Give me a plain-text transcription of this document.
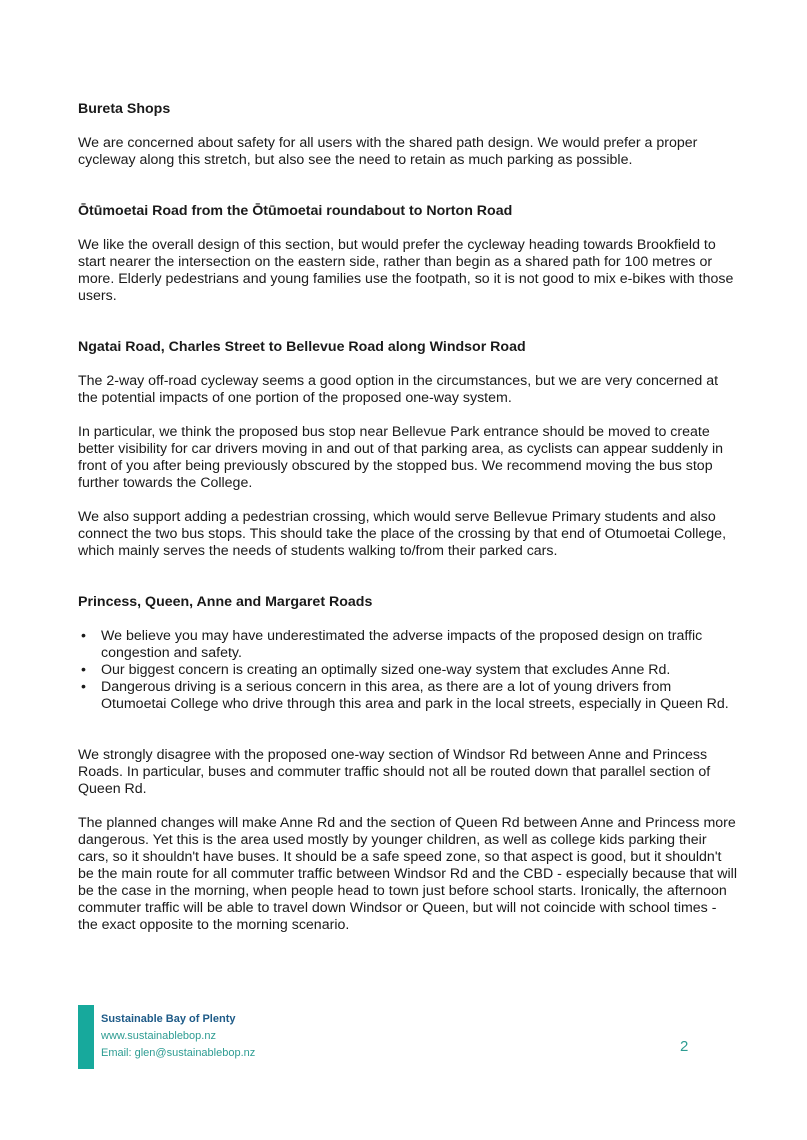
Bureta Shops

We are concerned about safety for all users with the shared path design. We would prefer a proper cycleway along this stretch, but also see the need to retain as much parking as possible.

Ōtūmoetai Road from the Ōtūmoetai roundabout to Norton Road

We like the overall design of this section, but would prefer the cycleway heading towards Brookfield to start nearer the intersection on the eastern side, rather than begin as a shared path for 100 metres or more. Elderly pedestrians and young families use the footpath, so it is not good to mix e-bikes with those users.

Ngatai Road, Charles Street to Bellevue Road along Windsor Road

The 2-way off-road cycleway seems a good option in the circumstances, but we are very concerned at the potential impacts of one portion of the proposed one-way system.

In particular, we think the proposed bus stop near Bellevue Park entrance should be moved to create better visibility for car drivers moving in and out of that parking area, as cyclists can appear suddenly in front of you after being previously obscured by the stopped bus. We recommend moving the bus stop further towards the College.

We also support adding a pedestrian crossing, which would serve Bellevue Primary students and also connect the two bus stops. This should take the place of the crossing by that end of Otumoetai College, which mainly serves the needs of students walking to/from their parked cars.

Princess, Queen, Anne and Margaret Roads
• We believe you may have underestimated the adverse impacts of the proposed design on traffic congestion and safety.
• Our biggest concern is creating an optimally sized one-way system that excludes Anne Rd.
• Dangerous driving is a serious concern in this area, as there are a lot of young drivers from Otumoetai College who drive through this area and park in the local streets, especially in Queen Rd.

We strongly disagree with the proposed one-way section of Windsor Rd between Anne and Princess Roads. In particular, buses and commuter traffic should not all be routed down that parallel section of Queen Rd.

The planned changes will make Anne Rd and the section of Queen Rd between Anne and Princess more dangerous. Yet this is the area used mostly by younger children, as well as college kids parking their cars, so it shouldn't have buses. It should be a safe speed zone, so that aspect is good, but it shouldn't be the main route for all commuter traffic between Windsor Rd and the CBD - especially because that will be the case in the morning, when people head to town just before school starts. Ironically, the afternoon commuter traffic will be able to travel down Windsor or Queen, but will not coincide with school times - the exact opposite to the morning scenario.

Sustainable Bay of Plenty
www.sustainablebop.nz
Email: glen@sustainablebop.nz	2
